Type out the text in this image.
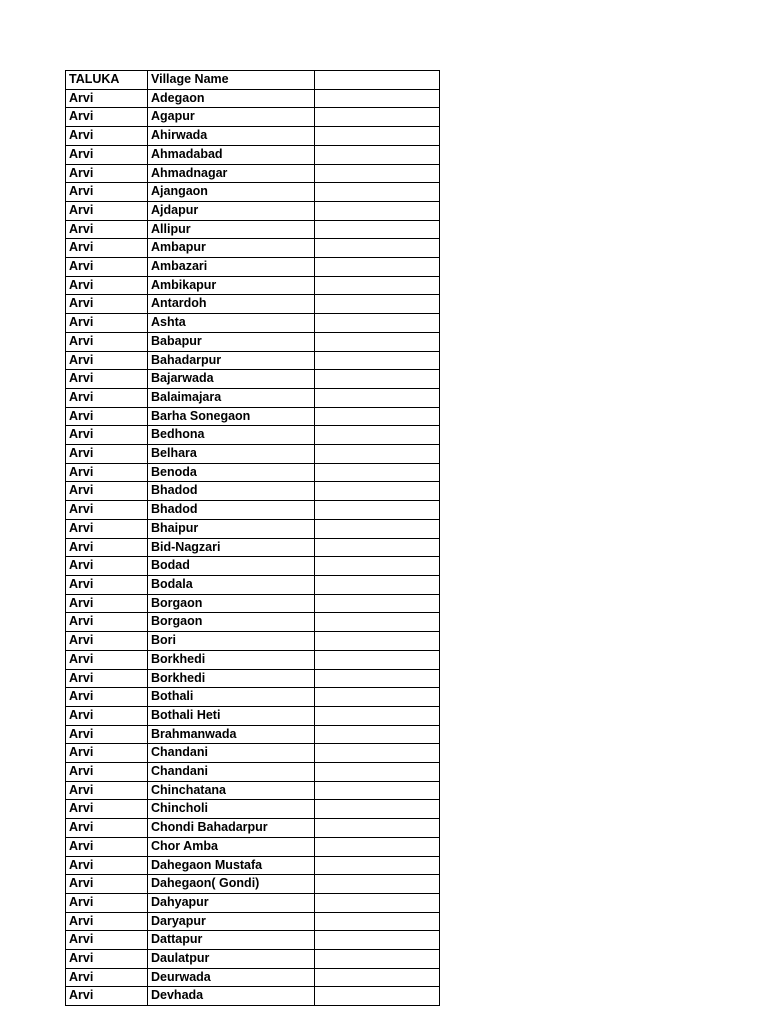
TALUKA	Village Name	
Arvi	Adegaon	
Arvi	Agapur	
Arvi	Ahirwada	
Arvi	Ahmadabad	
Arvi	Ahmadnagar	
Arvi	Ajangaon	
Arvi	Ajdapur	
Arvi	Allipur	
Arvi	Ambapur	
Arvi	Ambazari	
Arvi	Ambikapur	
Arvi	Antardoh	
Arvi	Ashta	
Arvi	Babapur	
Arvi	Bahadarpur	
Arvi	Bajarwada	
Arvi	Balaimajara	
Arvi	Barha Sonegaon	
Arvi	Bedhona	
Arvi	Belhara	
Arvi	Benoda	
Arvi	Bhadod	
Arvi	Bhadod	
Arvi	Bhaipur	
Arvi	Bid-Nagzari	
Arvi	Bodad	
Arvi	Bodala	
Arvi	Borgaon	
Arvi	Borgaon	
Arvi	Bori	
Arvi	Borkhedi	
Arvi	Borkhedi	
Arvi	Bothali	
Arvi	Bothali Heti	
Arvi	Brahmanwada	
Arvi	Chandani	
Arvi	Chandani	
Arvi	Chinchatana	
Arvi	Chincholi	
Arvi	Chondi Bahadarpur	
Arvi	Chor Amba	
Arvi	Dahegaon Mustafa	
Arvi	Dahegaon( Gondi)	
Arvi	Dahyapur	
Arvi	Daryapur	
Arvi	Dattapur	
Arvi	Daulatpur	
Arvi	Deurwada	
Arvi	Devhada	
